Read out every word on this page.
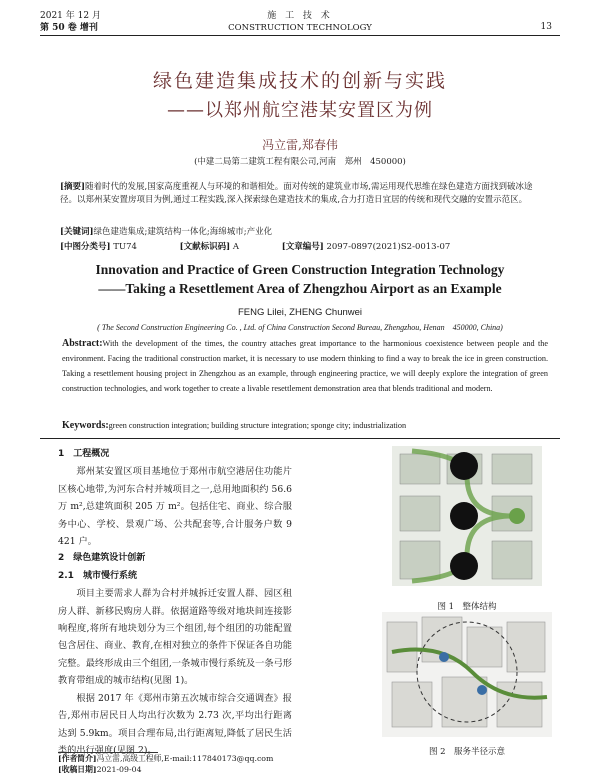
2021 年 12 月
第 50 卷 增刊
施 工 技 术
CONSTRUCTION TECHNOLOGY	13
绿色建造集成技术的创新与实践
——以郑州航空港某安置区为例
冯立雷,郑春伟
(中建二局第二建筑工程有限公司,河南　郑州　450000)
[摘要]随着时代的发展,国家高度重视人与环境的和谐相处。面对传统的建筑业市场,需运用现代思维在绿色建造方面找到破冰途径。以郑州某安置房项目为例,通过工程实践,深入探索绿色建造技术的集成,合力打造日宜居的传统和现代交融的安置示范区。
[关键词]绿色建造集成;建筑结构一体化;海绵城市;产业化
[中图分类号] TU74	[文献标识码] A	[文章编号] 2097-0897(2021)S2-0013-07
Innovation and Practice of Green Construction Integration Technology
——Taking a Resettlement Area of Zhengzhou Airport as an Example
FENG Lilei, ZHENG Chunwei
( The Second Construction Engineering Co. , Ltd. of China Construction Second Bureau, Zhengzhou, Henan　450000, China)
Abstract:With the development of the times, the country attaches great importance to the harmonious coexistence between people and the environment. Facing the traditional construction market, it is necessary to use modern thinking to find a way to break the ice in green construction. Taking a resettlement housing project in Zhengzhou as an example, through engineering practice, we will deeply explore the integration of green construction technologies, and work together to create a livable resettlement demonstration area that blends traditional and modern.
Keywords:green construction integration; building structure integration; sponge city; industrialization
1　工程概况

郑州某安置区项目基地位于郑州市航空港居住功能片区核心地带,为河东合村并城项目之一,总用地面积约 56.6 万 m²,总建筑面积 205 万 m²。包括住宅、商业、综合服务中心、学校、景观广场、公共配套等,合计服务户数 9 421 户。

2　绿色建筑设计创新
2.1　城市慢行系统

项目主要需求人群为合村并城拆迁安置人群、园区租房人群、新移民购房人群。依据道路等级对地块间连接影响程度,将所有地块划分为三个组团,每个组团的功能配置包含居住、商业、教育,在相对独立的条件下保证各自功能完整。最终形成由三个组团,一条城市慢行系统及一条弓形教育带组成的城市结构(见图 1)。

根据 2017 年《郑州市第五次城市综合交通调查》报告,郑州市居民日人均出行次数为 2.73 次,平均出行距离达到 5.9km。项目合理布局,出行距离短,降低了居民生活类的出行强度(见图 2)。

图 1　整体结构
图 2　服务半径示意
[作者简介]冯立雷,高级工程师,E-mail:117840173@qq.com
[收稿日期]2021-09-04
